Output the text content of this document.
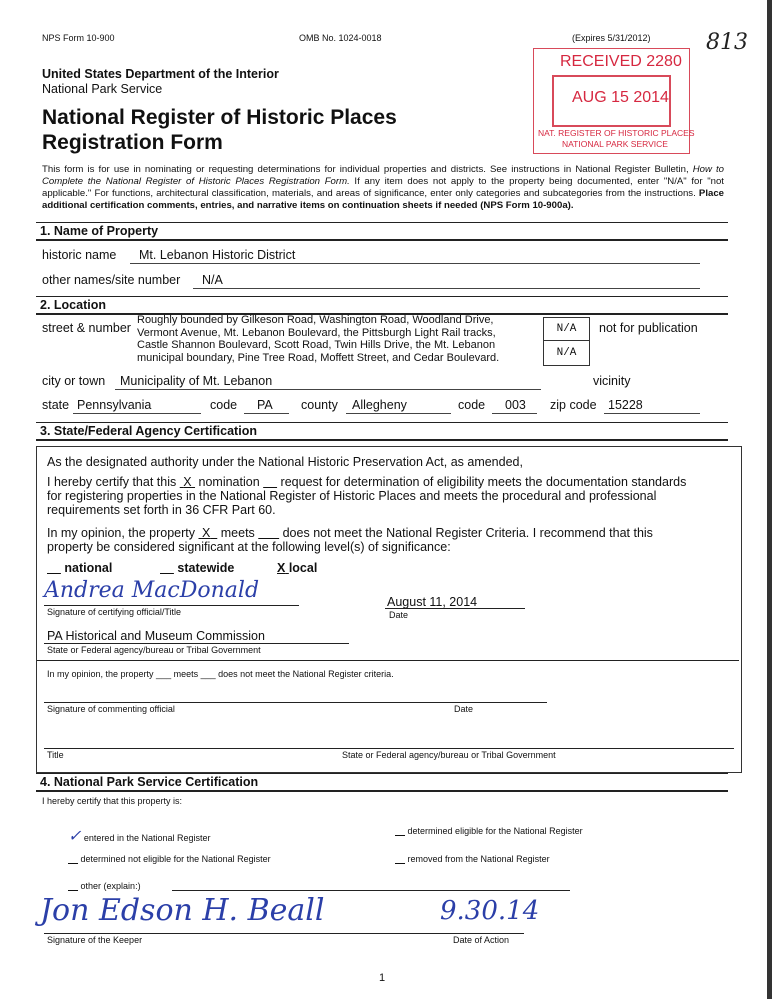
NPS Form 10-900	OMB No. 1024-0018	(Expires 5/31/2012)	813
United States Department of the Interior
National Park Service
National Register of Historic Places
Registration Form
RECEIVED 2280
AUG 15 2014
NAT. REGISTER OF HISTORIC PLACES
NATIONAL PARK SERVICE
This form is for use in nominating or requesting determinations for individual properties and districts. See instructions in National Register Bulletin, How to Complete the National Register of Historic Places Registration Form. If any item does not apply to the property being documented, enter "N/A" for "not applicable." For functions, architectural classification, materials, and areas of significance, enter only categories and subcategories from the instructions. Place additional certification comments, entries, and narrative items on continuation sheets if needed (NPS Form 10-900a).
1. Name of Property
historic name Mt. Lebanon Historic District
other names/site number N/A
2. Location
street & number
Roughly bounded by Gilkeson Road, Washington Road, Woodland Drive,
Vermont Avenue, Mt. Lebanon Boulevard, the Pittsburgh Light Rail tracks,
Castle Shannon Boulevard, Scott Road, Twin Hills Drive, the Mt. Lebanon
municipal boundary, Pine Tree Road, Moffett Street, and Cedar Boulevard.
N/A
N/A
not for publication
city or town Municipality of Mt. Lebanon	vicinity
state Pennsylvania	code PA county Allegheny	code 003 zip code 15228
3. State/Federal Agency Certification
As the designated authority under the National Historic Preservation Act, as amended,
I hereby certify that this X nomination request for determination of eligibility meets the documentation standards
for registering properties in the National Register of Historic Places and meets the procedural and professional
requirements set forth in 36 CFR Part 60.
In my opinion, the property X meets does not meet the National Register Criteria. I recommend that this
property be considered significant at the following level(s) of significance:
national	statewide	X local
Andrea MacDonald
Signature of certifying official/Title
August 11, 2014
Date
PA Historical and Museum Commission
State or Federal agency/bureau or Tribal Government
In my opinion, the property ___ meets ___ does not meet the National Register criteria.
Signature of commenting official	Date
Title	State or Federal agency/bureau or Tribal Government
4. National Park Service Certification
I hereby certify that this property is:
✓ entered in the National Register
determined eligible for the National Register
determined not eligible for the National Register	removed from the National Register
other (explain:)
Jon Edson H. Beall	9.30.14
Signature of the Keeper	Date of Action
1
